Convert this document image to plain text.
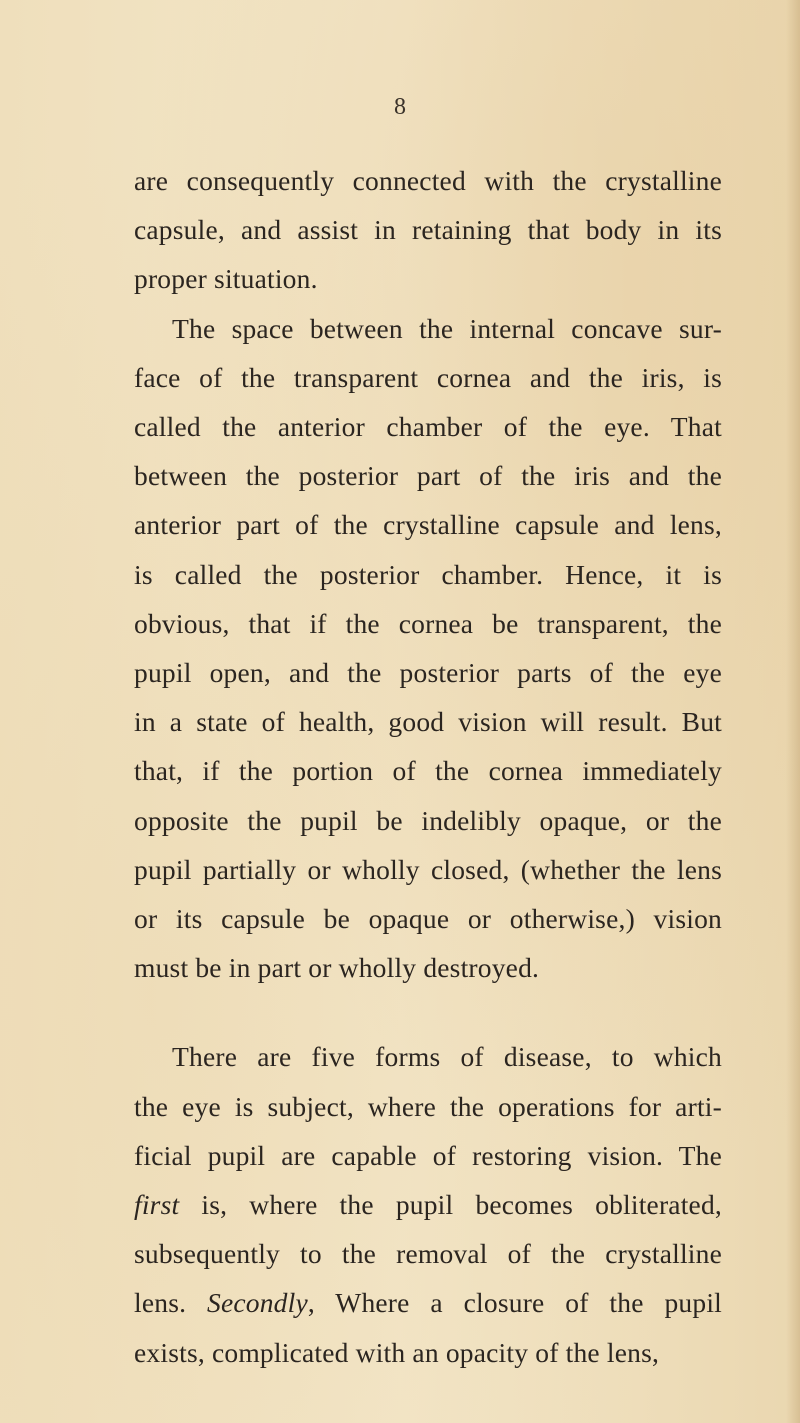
8

are consequently connected with the crystalline
capsule, and assist in retaining that body in its
proper situation.

The space between the internal concave sur-
face of the transparent cornea and the iris, is
called the anterior chamber of the eye. That
between the posterior part of the iris and the
anterior part of the crystalline capsule and lens,
is called the posterior chamber. Hence, it is
obvious, that if the cornea be transparent, the
pupil open, and the posterior parts of the eye
in a state of health, good vision will result. But
that, if the portion of the cornea immediately
opposite the pupil be indelibly opaque, or the
pupil partially or wholly closed, (whether the lens
or its capsule be opaque or otherwise,) vision
must be in part or wholly destroyed.

There are five forms of disease, to which
the eye is subject, where the operations for arti-
ficial pupil are capable of restoring vision. The
first is, where the pupil becomes obliterated,
subsequently to the removal of the crystalline
lens. Secondly, Where a closure of the pupil
exists, complicated with an opacity of the lens,
